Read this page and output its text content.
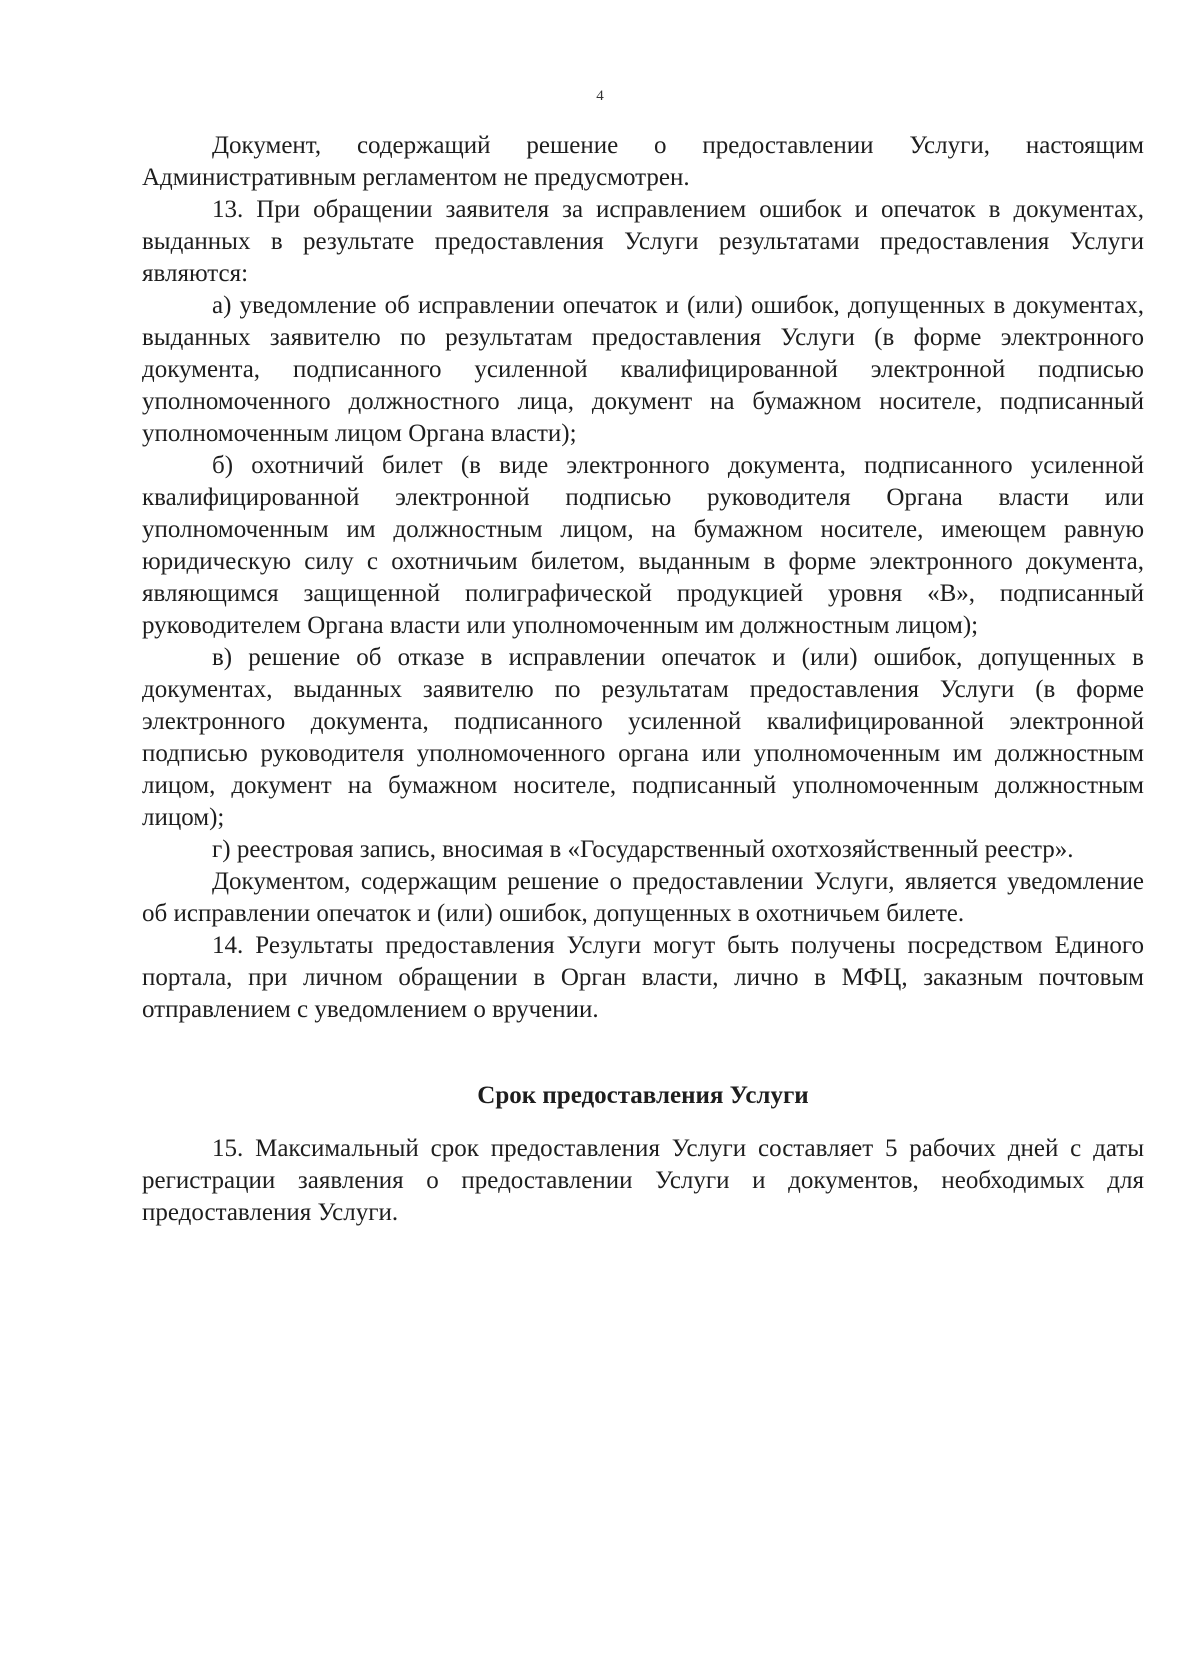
4

Документ, содержащий решение о предоставлении Услуги, настоящим Административным регламентом не предусмотрен.

13. При обращении заявителя за исправлением ошибок и опечаток в документах, выданных в результате предоставления Услуги результатами предоставления Услуги являются:

а) уведомление об исправлении опечаток и (или) ошибок, допущенных в документах, выданных заявителю по результатам предоставления Услуги (в форме электронного документа, подписанного усиленной квалифицированной электронной подписью уполномоченного должностного лица, документ на бумажном носителе, подписанный уполномоченным лицом Органа власти);

б) охотничий билет (в виде электронного документа, подписанного усиленной квалифицированной электронной подписью руководителя Органа власти или уполномоченным им должностным лицом, на бумажном носителе, имеющем равную юридическую силу с охотничьим билетом, выданным в форме электронного документа, являющимся защищенной полиграфической продукцией уровня «В», подписанный руководителем Органа власти или уполномоченным им должностным лицом);

в) решение об отказе в исправлении опечаток и (или) ошибок, допущенных в документах, выданных заявителю по результатам предоставления Услуги (в форме электронного документа, подписанного усиленной квалифицированной электронной подписью руководителя уполномоченного органа или уполномоченным им должностным лицом, документ на бумажном носителе, подписанный уполномоченным должностным лицом);

г) реестровая запись, вносимая в «Государственный охотхозяйственный реестр».

Документом, содержащим решение о предоставлении Услуги, является уведомление об исправлении опечаток и (или) ошибок, допущенных в охотничьем билете.

14. Результаты предоставления Услуги могут быть получены посредством Единого портала, при личном обращении в Орган власти, лично в МФЦ, заказным почтовым отправлением с уведомлением о вручении.

Срок предоставления Услуги

15. Максимальный срок предоставления Услуги составляет 5 рабочих дней с даты регистрации заявления о предоставлении Услуги и документов, необходимых для предоставления Услуги.
